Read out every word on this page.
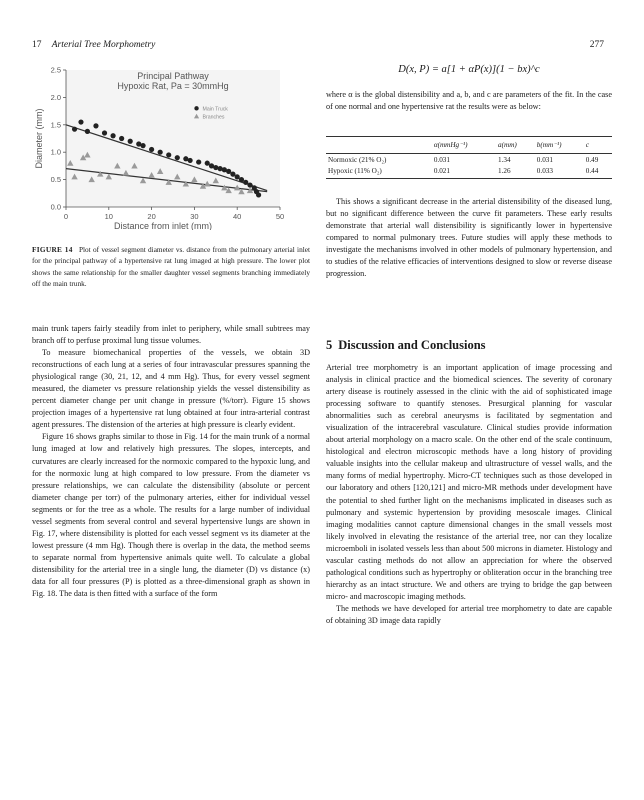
17 Arterial Tree Morphometry	277
0	10	20	30	40	50
0.0
0.5
1.0
1.5
2.0
2.5
Distance from inlet (mm)
Diameter (mm)
Principal Pathway
Hypoxic Rat, Pa = 30mmHg
Main Truck
Branches
FIGURE 14 Plot of vessel segment diameter vs. distance from the pulmonary arterial inlet for the principal pathway of a hypertensive rat lung imaged at high pressure. The lower plot shows the same relationship for the smaller daughter vessel segments branching immediately off the main trunk.

main trunk tapers fairly steadily from inlet to periphery, while small subtrees may branch off to perfuse proximal lung tissue volumes.

To measure biomechanical properties of the vessels, we obtain 3D reconstructions of each lung at a series of four intravascular pressures spanning the physiological range (30, 21, 12, and 4 mm Hg). Thus, for every vessel segment measured, the diameter vs pressure relationship yields the vessel distensibility as percent diameter change per unit change in pressure (%/torr). Figure 15 shows projection images of a hypertensive rat lung obtained at four intra-arterial contrast agent pressures. The distension of the arteries at high pressure is clearly evident.

Figure 16 shows graphs similar to those in Fig. 14 for the main trunk of a normal lung imaged at low and relatively high pressures. The slopes, intercepts, and curvatures are clearly increased for the normoxic compared to the hypoxic lung, and for the normoxic lung at high compared to low pressure. From the diameter vs pressure relationships, we can calculate the distensibility (absolute or percent diameter change per torr) of the pulmonary arteries, either for individual vessel segments or for the tree as a whole. The results for a large number of individual vessel segments from several control and several hypertensive lungs are shown in Fig. 17, where distensibility is plotted for each vessel segment vs its diameter at the lowest pressure (4 mm Hg). Though there is overlap in the data, the method seems to separate normal from hypertensive animals quite well. To calculate a global distensibility for the arterial tree in a single lung, the diameter (D) vs distance (x) data for all four pressures (P) is plotted as a three-dimensional graph as shown in Fig. 18. The data is then fitted with a surface of the form

D(x, P) = a[1 + αP(x)](1 − bx)^c

where α is the global distensibility and a, b, and c are parameters of the fit. In the case of one normal and one hypertensive rat the results were as below:

	α(mmHg⁻¹)	a(mm)	b(mm⁻¹)	c
Normoxic (21% O₂)	0.031	1.34	0.031	0.49
Hypoxic (11% O₂)	0.021	1.26	0.033	0.44

This shows a significant decrease in the arterial distensibility of the diseased lung, but no significant difference between the curve fit parameters. These early results demonstrate that arterial wall distensibility is significantly lower in hypertensive compared to normal pulmonary trees. Future studies will apply these methods to investigate the mechanisms involved in other models of pulmonary hypertension, and to studies of the relative efficacies of interventions designed to slow or reverse disease progression.

5 Discussion and Conclusions

Arterial tree morphometry is an important application of image processing and analysis in clinical practice and the biomedical sciences. The severity of coronary artery disease is routinely assessed in the clinic with the aid of sophisticated image processing software to quantify stenoses. Presurgical planning for vascular abnormalities such as cerebral aneurysms is facilitated by segmentation and visualization of the intracerebral vasculature. Clinical studies provide information about arterial morphology on a macro scale. On the other end of the scale continuum, histological and electron microscopic methods have a long history of providing valuable insights into the cellular makeup and ultrastructure of vessel walls, and the many forms of medial hypertrophy. Micro-CT techniques such as those developed in our laboratory and others [120,121] and micro-MR methods under development have the potential to shed further light on the mechanisms implicated in diseases such as pulmonary and systemic hypertension by providing mesoscale images. Clinical imaging modalities cannot capture dimensional changes in the small vessels most likely involved in elevating the resistance of the arterial tree, nor can they localize microemboli in isolated vessels less than about 500 microns in diameter. Histology and vascular casting methods do not allow an appreciation for where the observed pathological conditions such as hypertrophy or obliteration occur in the branching tree hierarchy as an intact structure. We and others are trying to bridge the gap between micro- and macroscopic imaging methods.

The methods we have developed for arterial tree morphometry to date are capable of obtaining 3D image data rapidly
